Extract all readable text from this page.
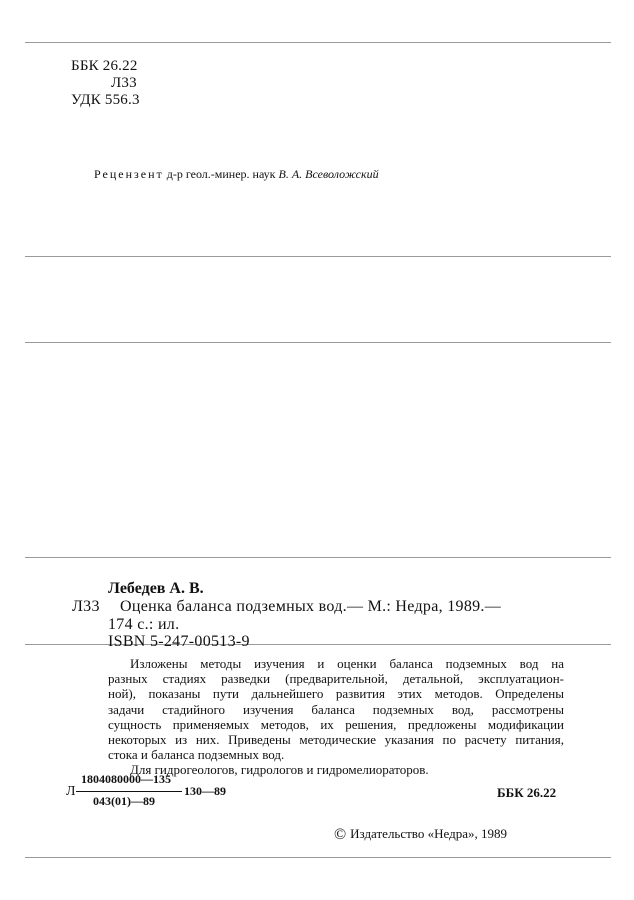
ББК 26.22
Л33
УДК 556.3
Рецензент д-р геол.-минер. наук В. А. Всеволожский
Лебедев А. В.
Л33 Оценка баланса подземных вод.— М.: Недра, 1989.—
174 с.: ил.
ISBN 5-247-00513-9
Изложены методы изучения и оценки баланса подземных вод на
разных стадиях разведки (предварительной, детальной, эксплуатацион-
ной), показаны пути дальнейшего развития этих методов. Определены
задачи стадийного изучения баланса подземных вод, рассмотрены
сущность применяемых методов, их решения, предложены модификации
некоторых из них. Приведены методические указания по расчету питания,
стока и баланса подземных вод.
Для гидрогеологов, гидрологов и гидромелиораторов.
Л
1804080000—135
043(01)—89
130—89	ББК 26.22
© Издательство «Недра», 1989
